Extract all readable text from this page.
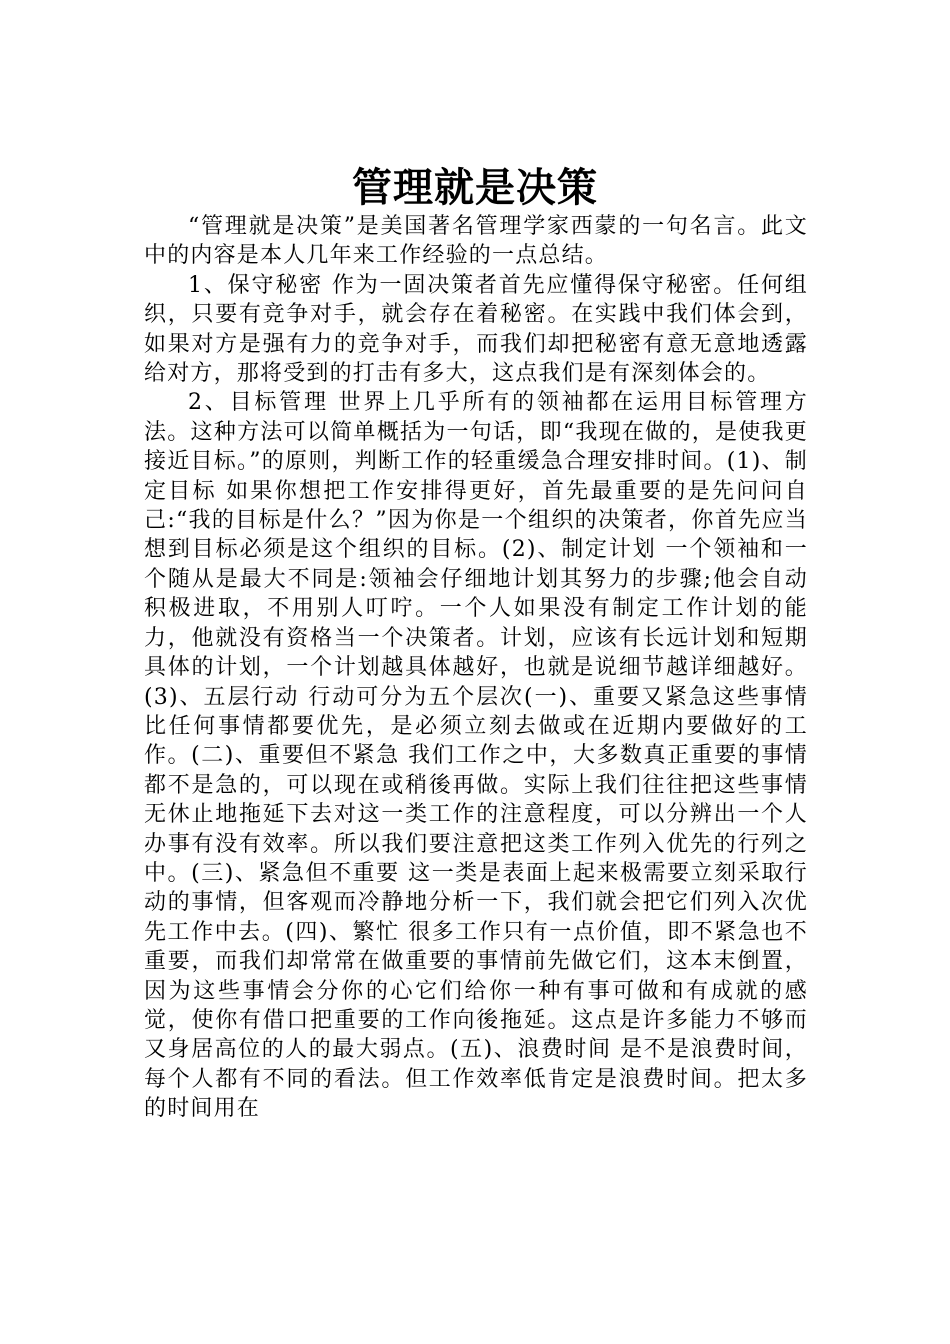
管理就是决策

“管理就是决策”是美国著名管理学家西蒙的一句名言。此文中的内容是本人几年来工作经验的一点总结。

1、保守秘密 作为一固决策者首先应懂得保守秘密。任何组织，只要有竞争对手，就会存在着秘密。在实践中我们体会到，如果对方是强有力的竞争对手，而我们却把秘密有意无意地透露给对方，那将受到的打击有多大，这点我们是有深刻体会的。

2、目标管理 世界上几乎所有的领袖都在运用目标管理方法。这种方法可以简单概括为一句话，即“我现在做的，是使我更接近目标。”的原则，判断工作的轻重缓急合理安排时间。(1)、制定目标 如果你想把工作安排得更好，首先最重要的是先问问自己:“我的目标是什么？”因为你是一个组织的决策者，你首先应当想到目标必须是这个组织的目标。(2)、制定计划 一个领袖和一个随从是最大不同是:领袖会仔细地计划其努力的步骤;他会自动积极进取，不用别人叮咛。一个人如果没有制定工作计划的能力，他就没有资格当一个决策者。计划，应该有长远计划和短期具体的计划，一个计划越具体越好，也就是说细节越详细越好。(3)、五层行动 行动可分为五个层次(一)、重要又紧急这些事情比任何事情都要优先，是必须立刻去做或在近期内要做好的工作。(二)、重要但不紧急 我们工作之中，大多数真正重要的事情都不是急的，可以现在或稍後再做。实际上我们往往把这些事情无休止地拖延下去对这一类工作的注意程度，可以分辨出一个人办事有没有效率。所以我们要注意把这类工作列入优先的行列之中。(三)、紧急但不重要 这一类是表面上起来极需要立刻采取行动的事情，但客观而冷静地分析一下，我们就会把它们列入次优先工作中去。(四)、繁忙 很多工作只有一点价值，即不紧急也不重要，而我们却常常在做重要的事情前先做它们，这本末倒置，因为这些事情会分你的心它们给你一种有事可做和有成就的感觉，使你有借口把重要的工作向後拖延。这点是许多能力不够而又身居高位的人的最大弱点。(五)、浪费时间 是不是浪费时间，每个人都有不同的看法。但工作效率低肯定是浪费时间。把太多的时间用在
